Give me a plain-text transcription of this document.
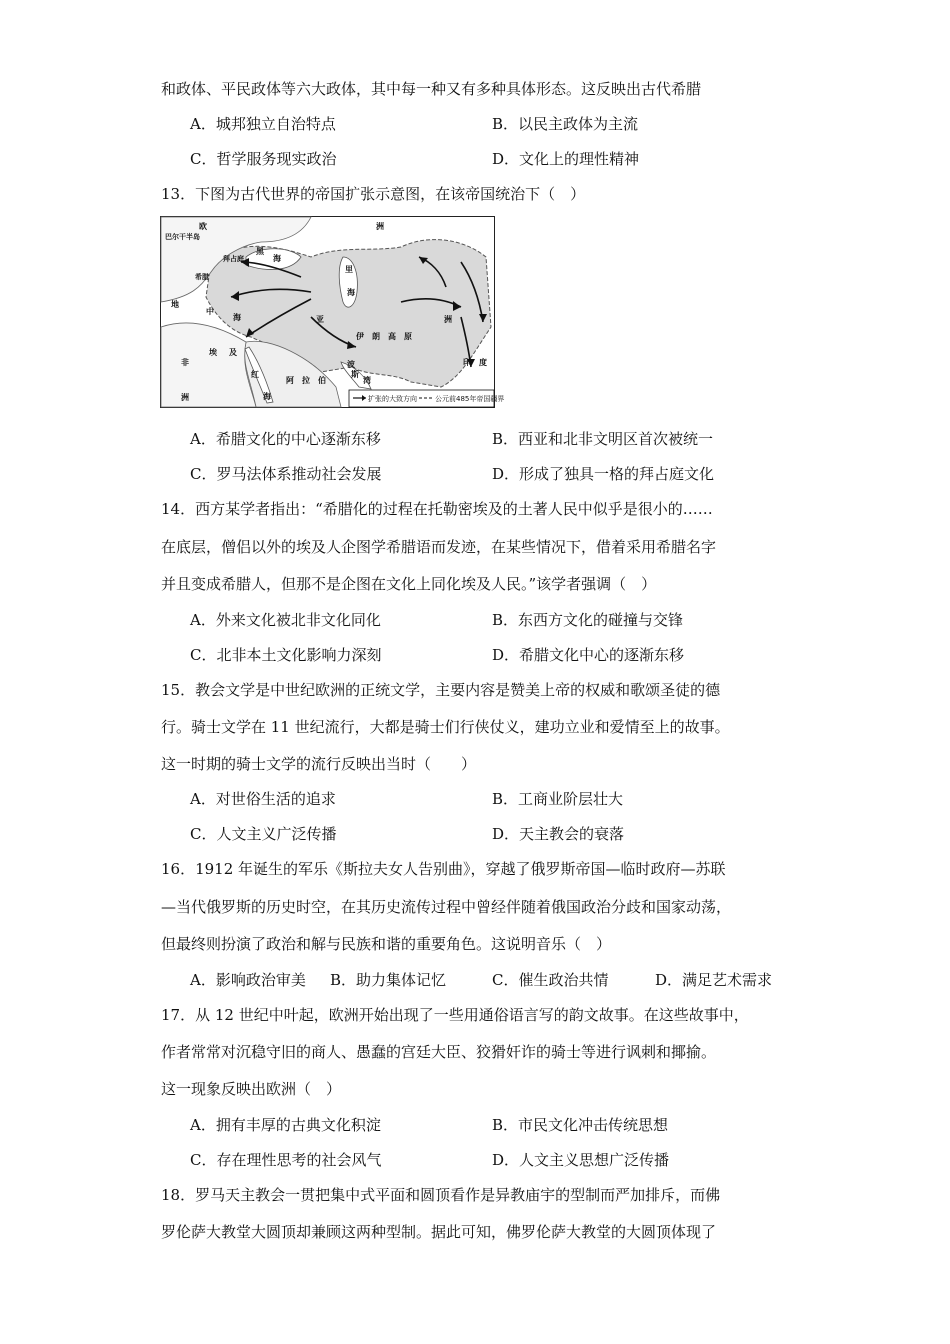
和政体、平民政体等六大政体，其中每一种又有多种具体形态。这反映出古代希腊
A．城邦独立自治特点	B．以民主政体为主流
C．哲学服务现实政治	D．文化上的理性精神
13．下图为古代世界的帝国扩张示意图，在该帝国统治下（　）
欧	洲
巴尔干半岛
拜占庭
黑
海
里
海
希腊
地
中
海	亚	洲
伊　朗　高　原
埃 及
非
洲
红
海
阿　拉　伯
波
斯
湾
印 度
扩张的大致方向	公元前485年帝国疆界
A．希腊文化的中心逐渐东移	B．西亚和北非文明区首次被统一
C．罗马法体系推动社会发展	D．形成了独具一格的拜占庭文化
14．西方某学者指出：“希腊化的过程在托勒密埃及的土著人民中似乎是很小的……
在底层，僧侣以外的埃及人企图学希腊语而发迹，在某些情况下，借着采用希腊名字
并且变成希腊人，但那不是企图在文化上同化埃及人民。”该学者强调（　）
A．外来文化被北非文化同化	B．东西方文化的碰撞与交锋
C．北非本土文化影响力深刻	D．希腊文化中心的逐渐东移
15．教会文学是中世纪欧洲的正统文学，主要内容是赞美上帝的权威和歌颂圣徒的德
行。骑士文学在 11 世纪流行，大都是骑士们行侠仗义，建功立业和爱情至上的故事。
这一时期的骑士文学的流行反映出当时（　　）
A．对世俗生活的追求	B．工商业阶层壮大
C．人文主义广泛传播	D．天主教会的衰落
16．1912 年诞生的军乐《斯拉夫女人告别曲》，穿越了俄罗斯帝国—临时政府—苏联
—当代俄罗斯的历史时空，在其历史流传过程中曾经伴随着俄国政治分歧和国家动荡，
但最终则扮演了政治和解与民族和谐的重要角色。这说明音乐（　）
A．影响政治审美 B．助力集体记忆	C．催生政治共情	D．满足艺术需求
17．从 12 世纪中叶起，欧洲开始出现了一些用通俗语言写的韵文故事。在这些故事中，
作者常常对沉稳守旧的商人、愚蠢的宫廷大臣、狡猾奸诈的骑士等进行讽刺和揶揄。
这一现象反映出欧洲（　）
A．拥有丰厚的古典文化积淀	B．市民文化冲击传统思想
C．存在理性思考的社会风气	D．人文主义思想广泛传播
18．罗马天主教会一贯把集中式平面和圆顶看作是异教庙宇的型制而严加排斥，而佛
罗伦萨大教堂大圆顶却兼顾这两种型制。据此可知，佛罗伦萨大教堂的大圆顶体现了
